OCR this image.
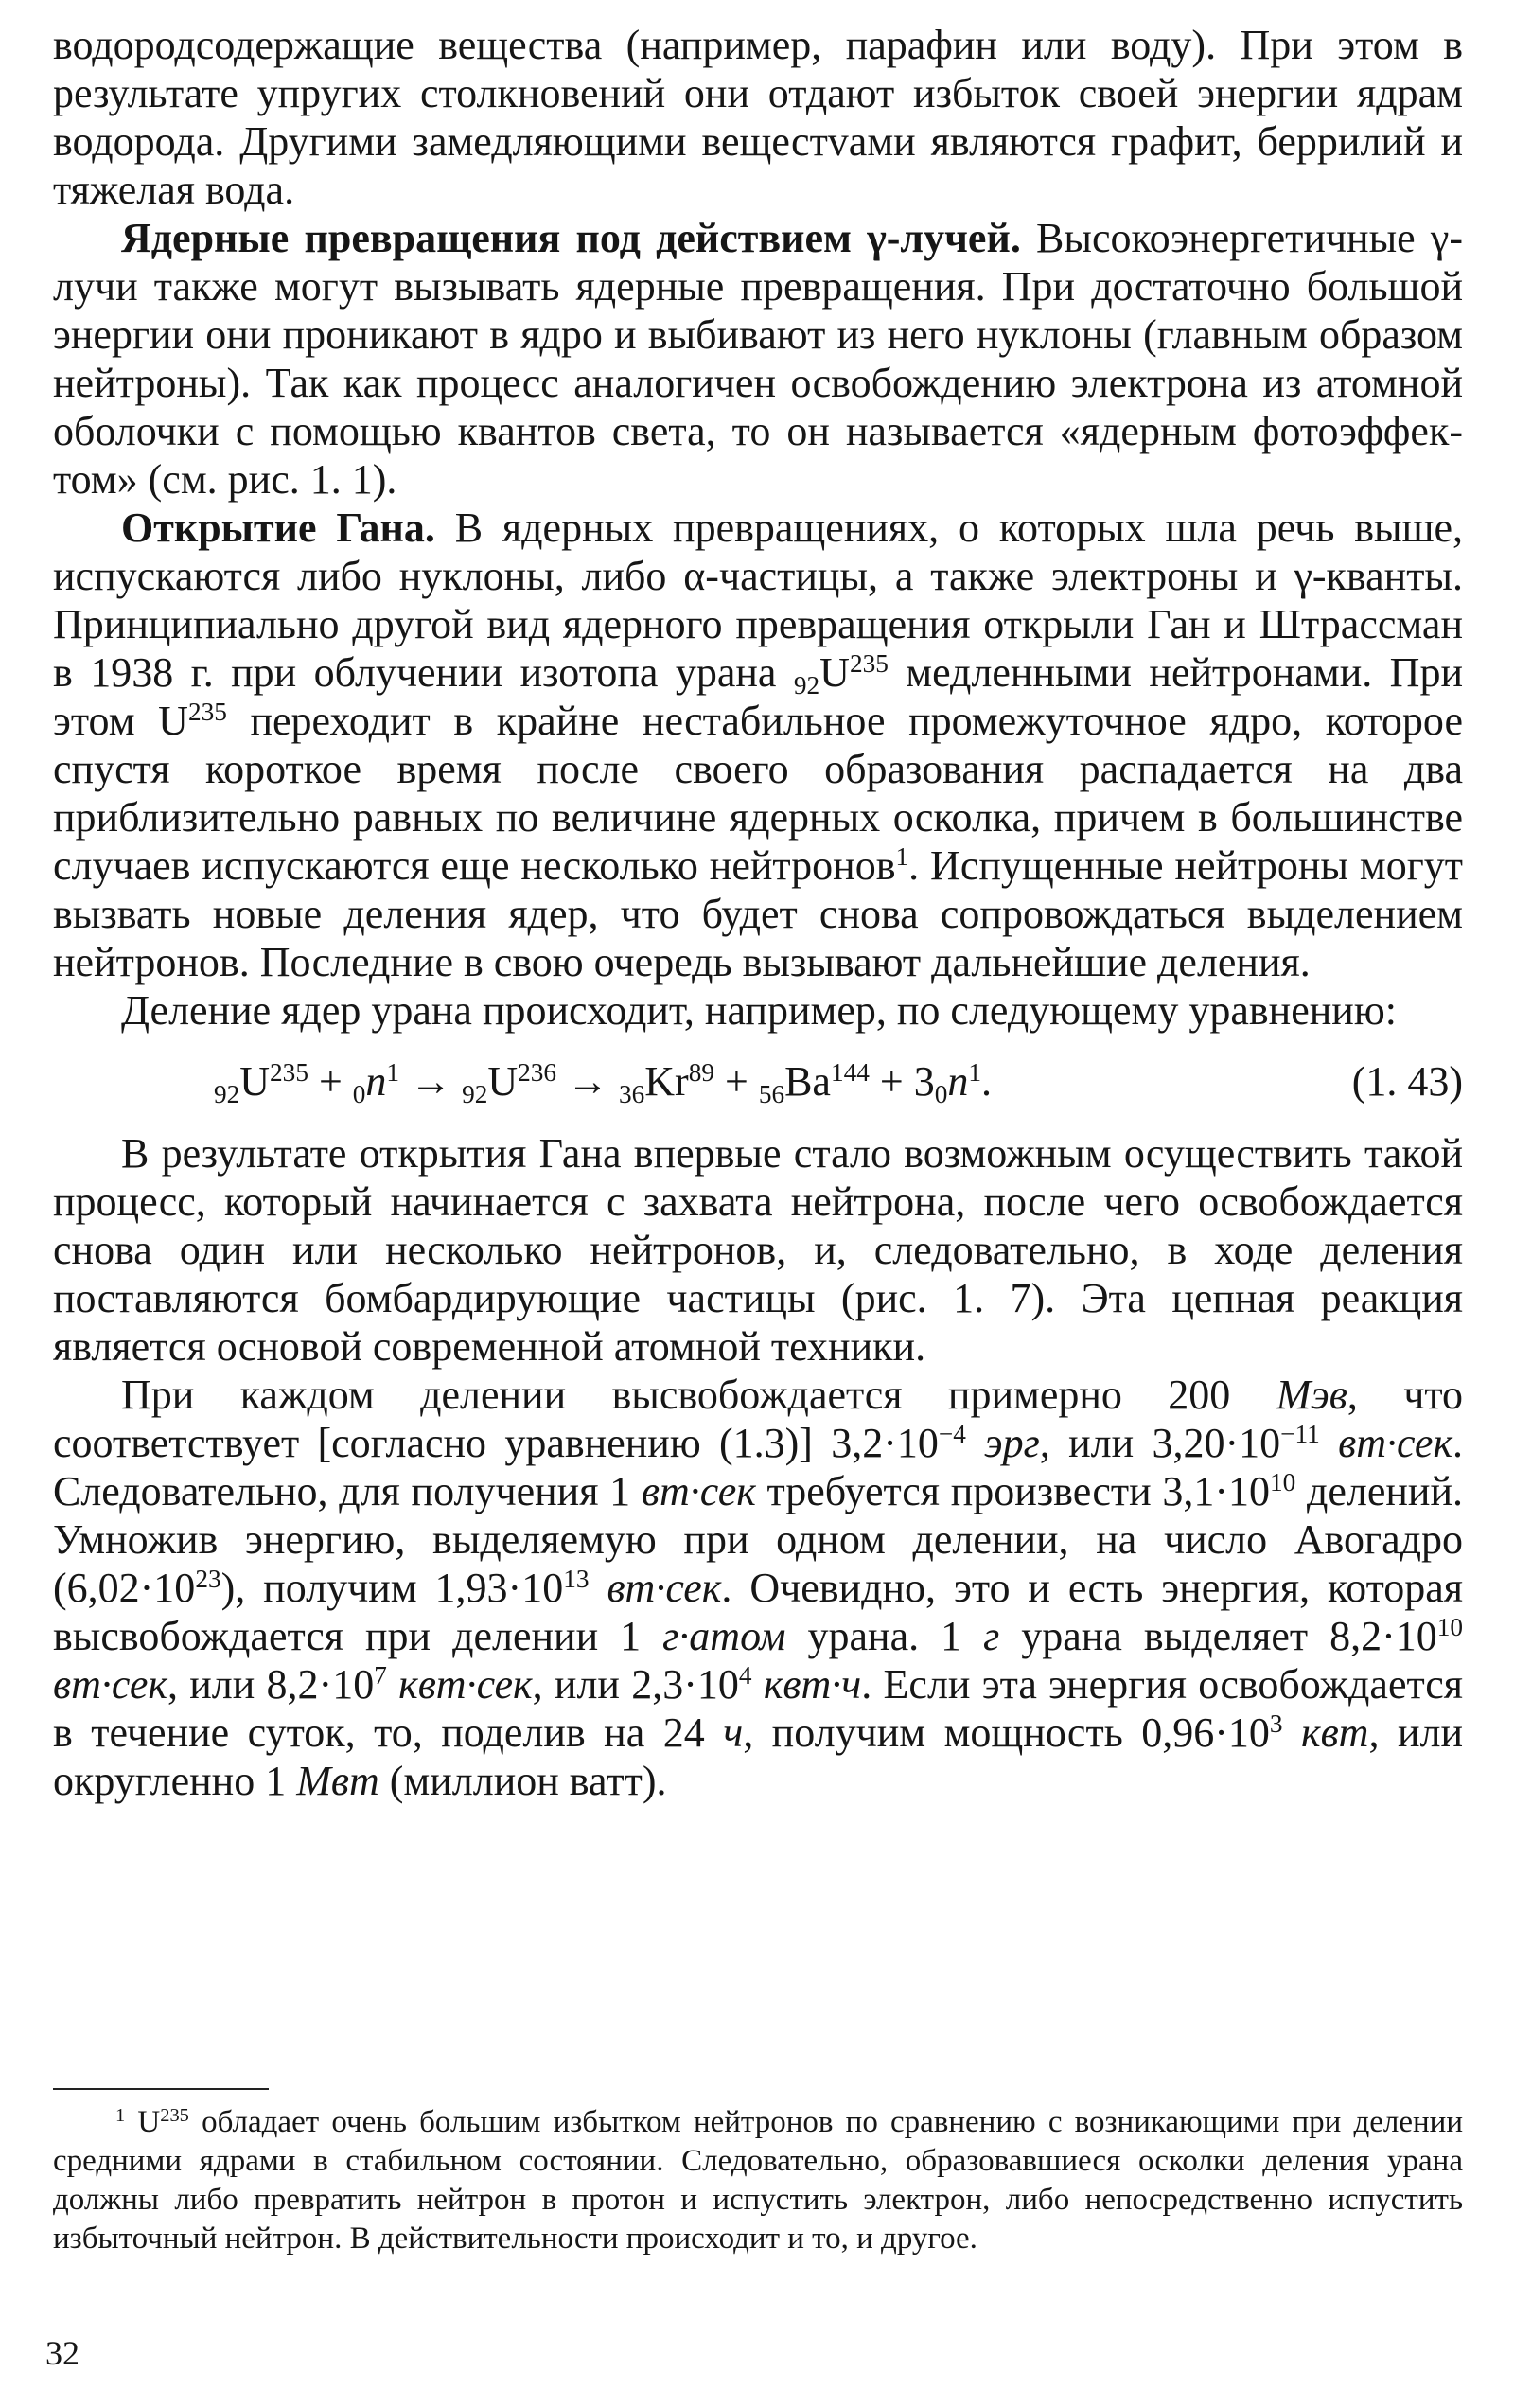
водородсодержащие вещества (например, парафин или воду). При этом в результате упругих столкновений они отдают избыток своей энергии ядрам водорода. Другими замедляющими вещестvами являются графит, беррилий и тяжелая вода.

Ядерные превращения под действием γ-лучей. Высокоэнергетичные γ-лучи также могут вызывать ядерные превращения. При достаточно большой энергии они проникают в ядро и выбивают из него нуклоны (главным образом нейтроны). Так как процесс аналогичен освобождению электрона из атомной оболочки с помощью квантов света, то он называется «ядерным фотоэффектом» (см. рис. 1. 1).

Открытие Гана. В ядерных превращениях, о которых шла речь выше, испускаются либо нуклоны, либо α-частицы, а также электроны и γ-кванты. Принципиально другой вид ядерного превращения открыли Ган и Штрассман в 1938 г. при облучении изотопа урана $_{92}U^{235}$ медленными нейтронами. При этом $U^{235}$ переходит в крайне нестабильное промежуточное ядро, которое спустя короткое время после своего образования распадается на два приблизительно равных по величине ядерных осколка, причем в большинстве случаев испускаются еще несколько нейтронов$^1$. Испущенные нейтроны могут вызвать новые деления ядер, что будет снова сопровождаться выделением нейтронов. Последние в свою очередь вызывают дальнейшие деления.

Деление ядер урана происходит, например, по следующему уравнению:

$_{92}U^{235} + _0n^1 \to _{92}U^{236} \to _{36}Kr^{89} + _{56}Ba^{144} + 3_0n^1$.	(1. 43)

В результате открытия Гана впервые стало возможным осуществить такой процесс, который начинается с захвата нейтрона, после чего освобождается снова один или несколько нейтронов, и, следовательно, в ходе деления поставляются бомбардирующие частицы (рис. 1. 7). Эта цепная реакция является основой современной атомной техники.

При каждом делении высвобождается примерно 200 Мэв, что соответствует [согласно уравнению (1.3)] $3,2\cdot 10^{-4}$ эрг, или $3,20\cdot 10^{-11}$ вт·сек. Следовательно, для получения 1 вт·сек требуется произвести $3,1\cdot 10^{10}$ делений. Умножив энергию, выделяемую при одном делении, на число Авогадро $(6,02\cdot 10^{23})$, получим $1,93\cdot 10^{13}$ вт·сек. Очевидно, это и есть энергия, которая высвобождается при делении 1 г·атом урана. 1 г урана выделяет $8,2\cdot 10^{10}$ вт·сек, или $8,2\cdot 10^7$ квт·сек, или $2,3\cdot 10^4$ квт·ч. Если эта энергия освобождается в течение суток, то, поделив на 24 ч, получим мощность $0,96\cdot 10^3$ квт, или округленно 1 Мвт (миллион ватт).

$^1$ $U^{235}$ обладает очень большим избытком нейтронов по сравнению с возникающими при делении средними ядрами в стабильном состоянии. Следовательно, образовавшиеся осколки деления урана должны либо превратить нейтрон в протон и испустить электрон, либо непосредственно испустить избыточный нейтрон. В действительности происходит и то, и другое.

32
